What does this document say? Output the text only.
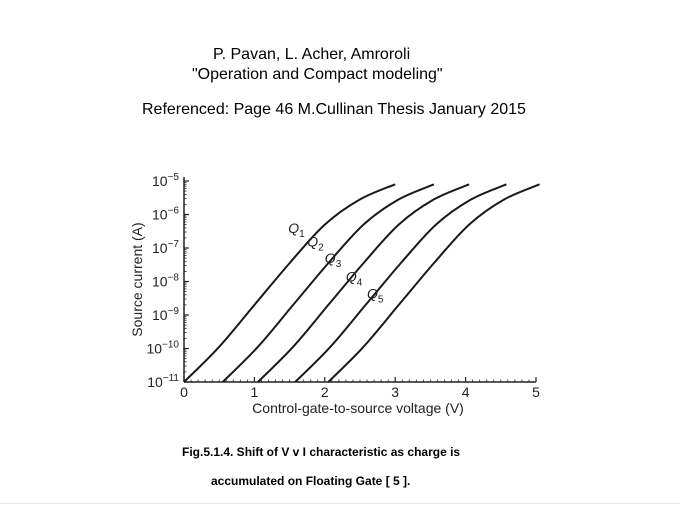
P. Pavan, L. Acher, Amroroli
"Operation and Compact modeling"
Referenced: Page 46 M.Cullinan Thesis January 2015
0	1	2	3	4	5
$10^{-11}$
$10^{-10}$
$10^{-9}$
$10^{-8}$
$10^{-7}$
$10^{-6}$
$10^{-5}$
Control-gate-to-source voltage (V)
Source current (A)	$Q_1$ $Q_2$
$Q_3$
$Q_4$
$Q_5$
Fig.5.1.4. Shift of V v I characteristic as charge is
accumulated on Floating Gate [ 5 ].
